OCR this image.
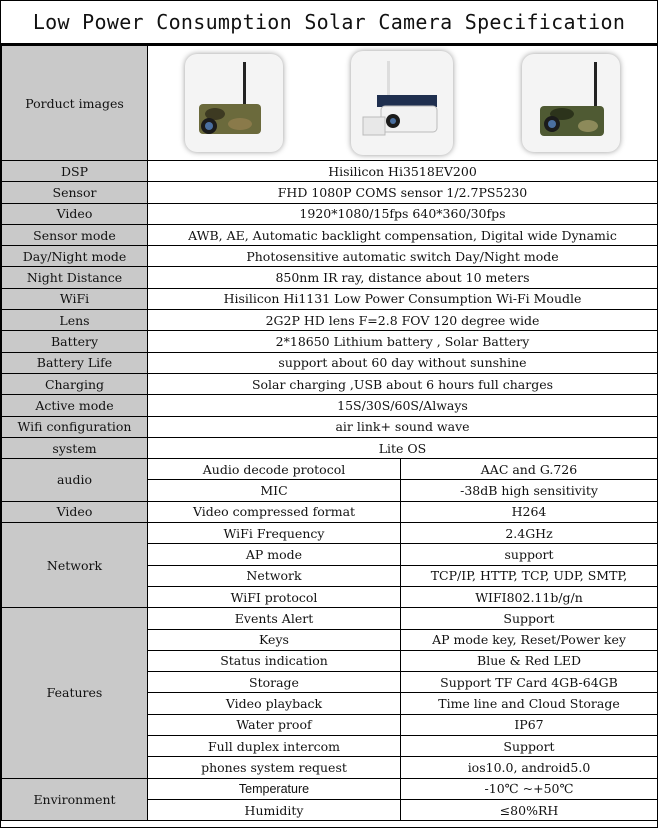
Low Power Consumption Solar Camera Specification
Porduct images	

DSP	Hisilicon Hi3518EV200	
Sensor	FHD 1080P COMS sensor 1/2.7PS5230	
Video	1920*1080/15fps 640*360/30fps	
Sensor mode	AWB, AE, Automatic backlight compensation, Digital wide Dynamic	
Day/Night mode	Photosensitive automatic switch Day/Night mode	
Night Distance	850nm IR ray, distance about 10 meters	
WiFi	Hisilicon Hi1131 Low Power Consumption Wi-Fi Moudle	
Lens	2G2P HD lens F=2.8 FOV 120 degree wide	
Battery	2*18650 Lithium battery , Solar Battery	
Battery Life	support about 60 day without sunshine	
Charging	Solar charging ,USB about 6 hours full charges	
Active mode	15S/30S/60S/Always	
Wifi configuration	air link+ sound wave	
system	Lite OS	
audio	Audio decode protocol	AAC and G.726
	MIC	-38dB high sensitivity
Video	Video compressed format	H264
Network	WiFi Frequency	2.4GHz
	AP mode	support
	Network	TCP/IP, HTTP, TCP, UDP, SMTP,
	WiFI protocol	WIFI802.11b/g/n
Features	Events Alert	Support
	Keys	AP mode key, Reset/Power key
	Status indication	Blue & Red LED
	Storage	Support TF Card 4GB-64GB
	Video playback	Time line and Cloud Storage
	Water proof	IP67
	Full duplex intercom	Support
	phones system request	ios10.0, android5.0
Environment	Temperature	-10℃ ~+50℃
	Humidity	≤80%RH
